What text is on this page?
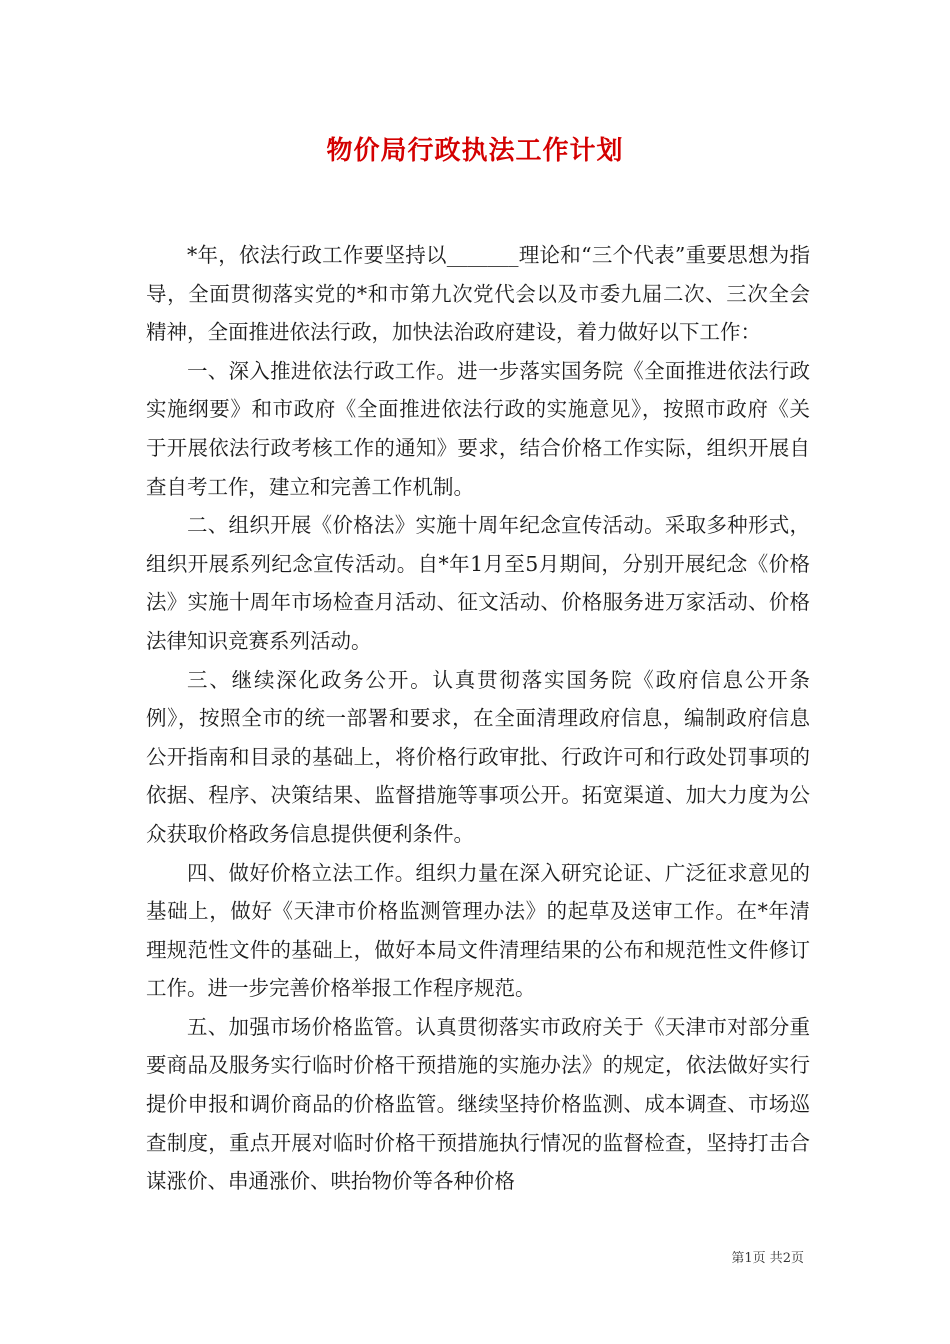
物价局行政执法工作计划

*年，依法行政工作要坚持以_______理论和“三个代表”重要思想为指导，全面贯彻落实党的*和市第九次党代会以及市委九届二次、三次全会精神，全面推进依法行政，加快法治政府建设，着力做好以下工作：

一、深入推进依法行政工作。进一步落实国务院《全面推进依法行政实施纲要》和市政府《全面推进依法行政的实施意见》，按照市政府《关于开展依法行政考核工作的通知》要求，结合价格工作实际，组织开展自查自考工作，建立和完善工作机制。

二、组织开展《价格法》实施十周年纪念宣传活动。采取多种形式，组织开展系列纪念宣传活动。自*年1月至5月期间，分别开展纪念《价格法》实施十周年市场检查月活动、征文活动、价格服务进万家活动、价格法律知识竞赛系列活动。

三、继续深化政务公开。认真贯彻落实国务院《政府信息公开条例》，按照全市的统一部署和要求，在全面清理政府信息，编制政府信息公开指南和目录的基础上，将价格行政审批、行政许可和行政处罚事项的依据、程序、决策结果、监督措施等事项公开。拓宽渠道、加大力度为公众获取价格政务信息提供便利条件。

四、做好价格立法工作。组织力量在深入研究论证、广泛征求意见的基础上，做好《天津市价格监测管理办法》的起草及送审工作。在*年清理规范性文件的基础上，做好本局文件清理结果的公布和规范性文件修订工作。进一步完善价格举报工作程序规范。

五、加强市场价格监管。认真贯彻落实市政府关于《天津市对部分重要商品及服务实行临时价格干预措施的实施办法》的规定，依法做好实行提价申报和调价商品的价格监管。继续坚持价格监测、成本调查、市场巡查制度，重点开展对临时价格干预措施执行情况的监督检查，坚持打击合谋涨价、串通涨价、哄抬物价等各种价格

第1页 共2页
